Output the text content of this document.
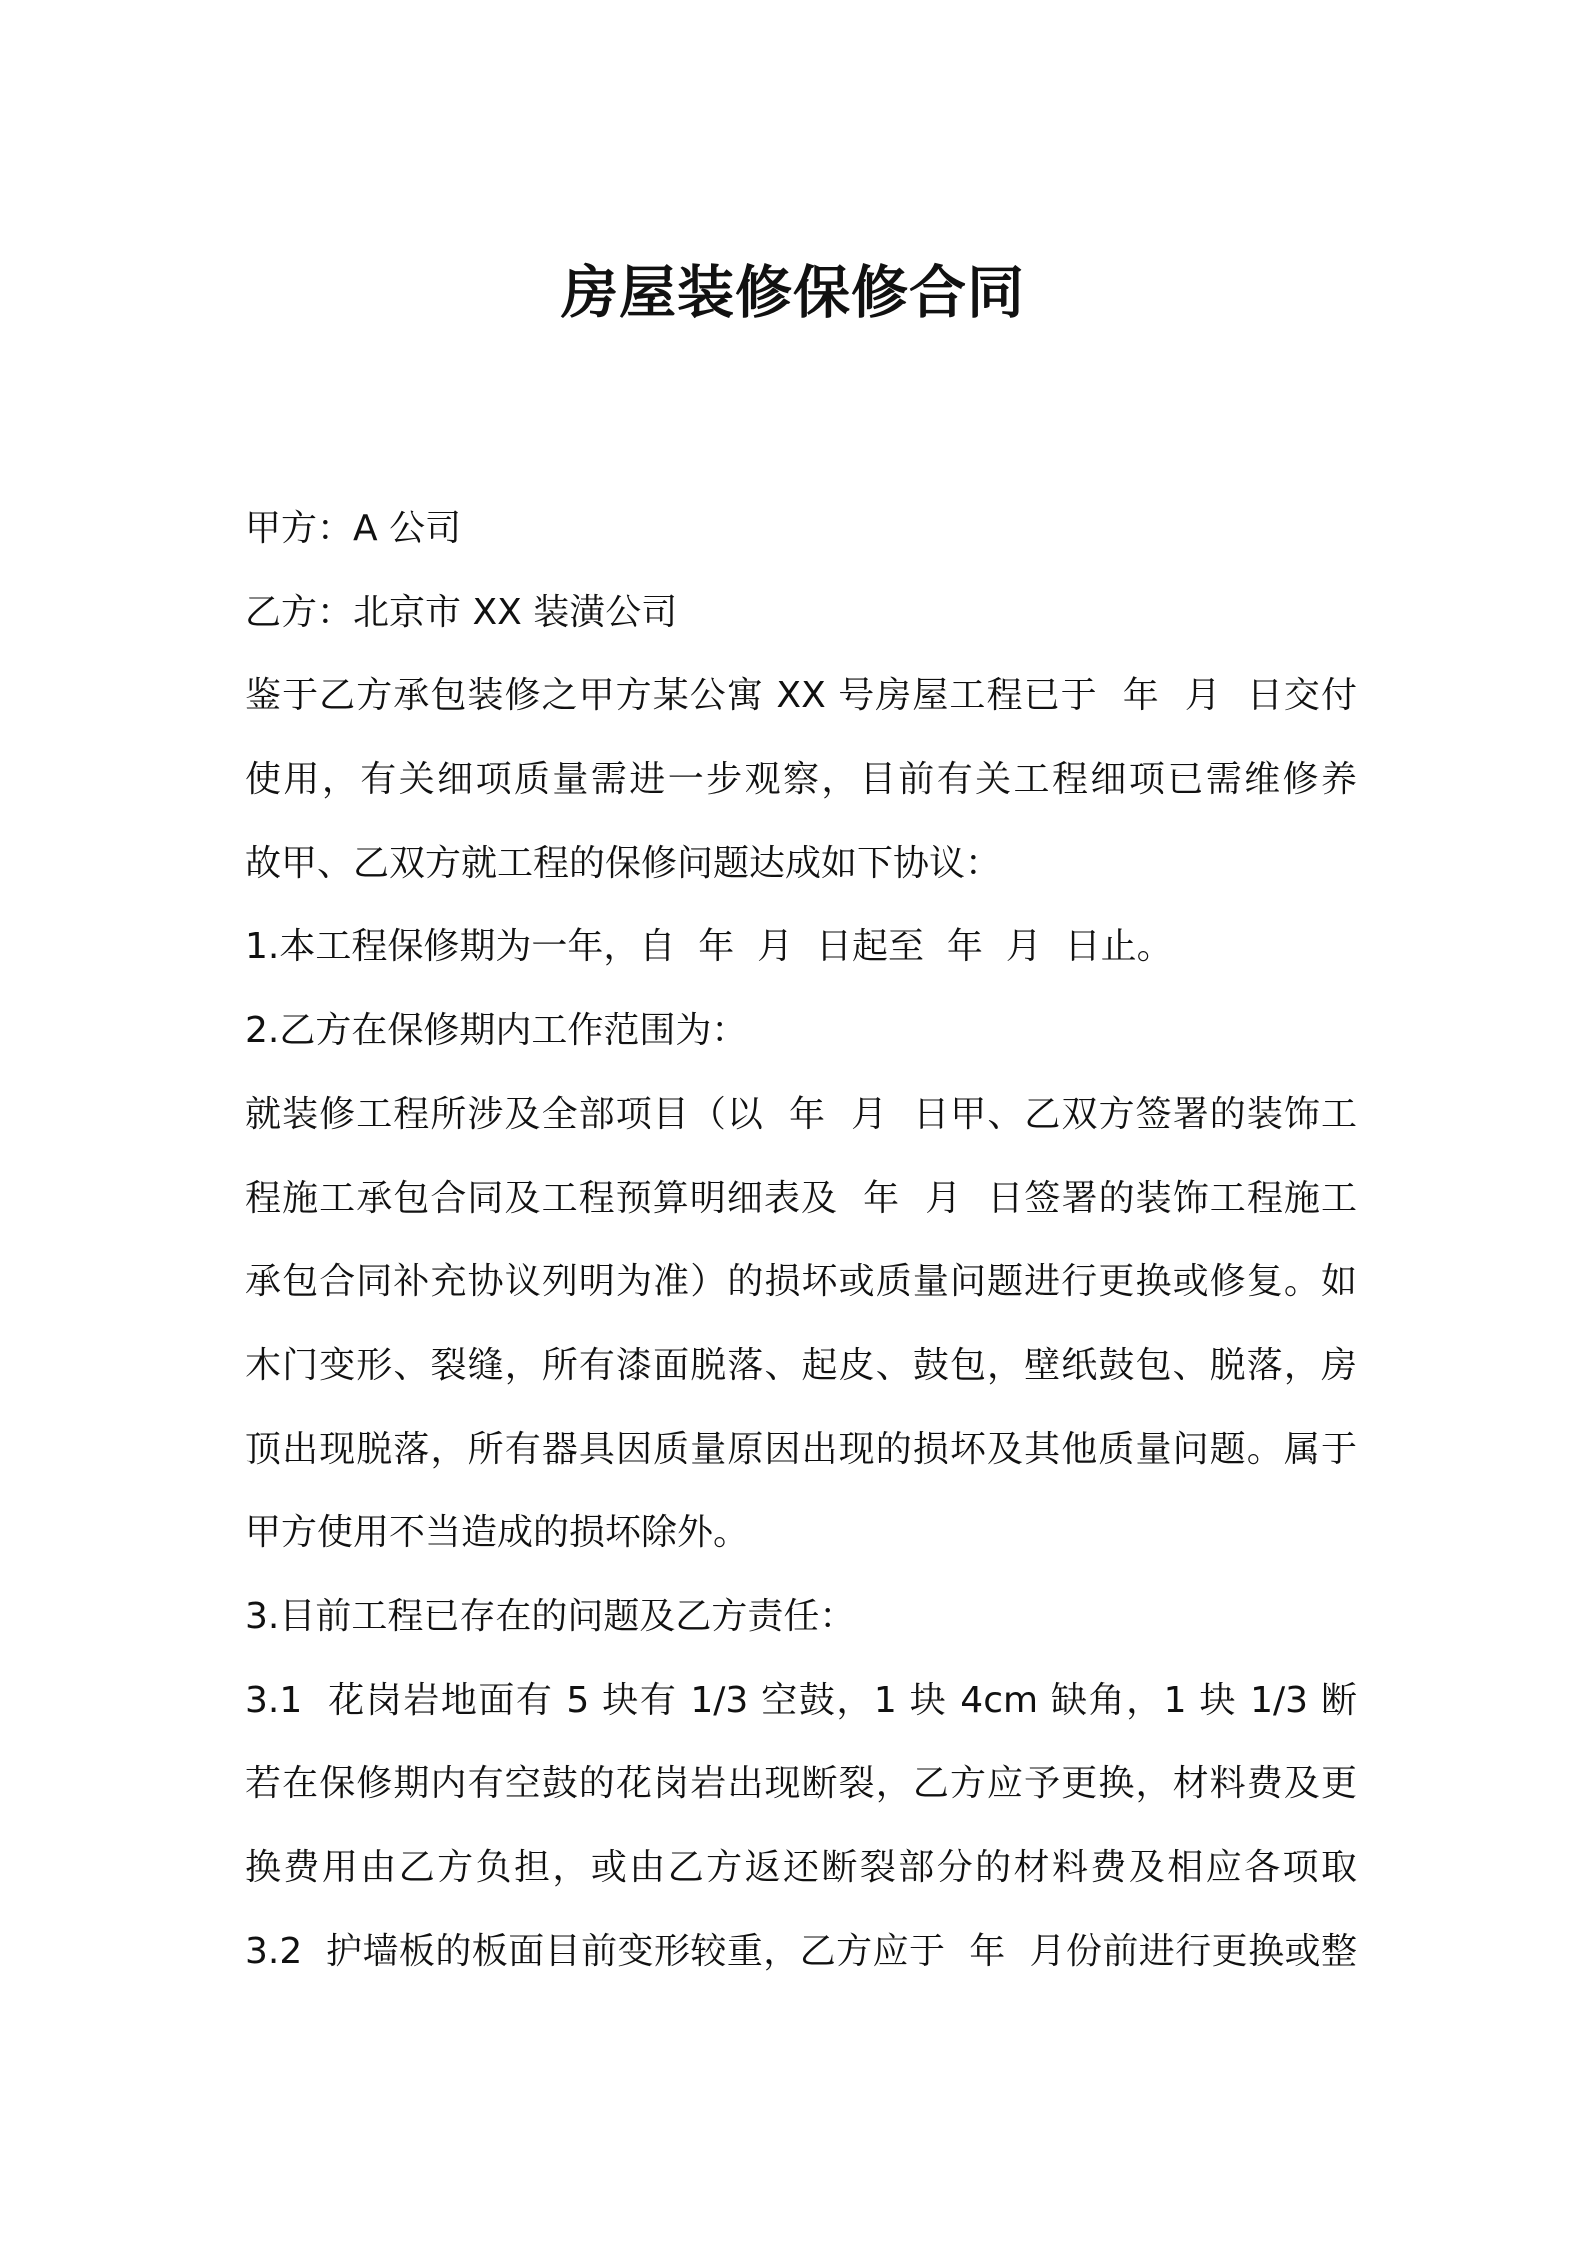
房屋装修保修合同
甲方：A 公司
乙方：北京市 XX 装潢公司
鉴于乙方承包装修之甲方某公寓 XX 号房屋工程已于  年  月  日交付
使用，有关细项质量需进一步观察，目前有关工程细项已需维修养
故甲、乙双方就工程的保修问题达成如下协议：
1.本工程保修期为一年，自  年  月  日起至  年  月  日止。
2.乙方在保修期内工作范围为：
就装修工程所涉及全部项目（以  年  月  日甲、乙双方签署的装饰工
程施工承包合同及工程预算明细表及  年  月  日签署的装饰工程施工
承包合同补充协议列明为准）的损坏或质量问题进行更换或修复。如
木门变形、裂缝，所有漆面脱落、起皮、鼓包，壁纸鼓包、脱落，房
顶出现脱落，所有器具因质量原因出现的损坏及其他质量问题。属于
甲方使用不当造成的损坏除外。
3.目前工程已存在的问题及乙方责任：
3.1  花岗岩地面有 5 块有 1/3 空鼓，1 块 4cm 缺角，1 块 1/3 断
若在保修期内有空鼓的花岗岩出现断裂，乙方应予更换，材料费及更
换费用由乙方负担，或由乙方返还断裂部分的材料费及相应各项取
3.2  护墙板的板面目前变形较重，乙方应于  年  月份前进行更换或整
